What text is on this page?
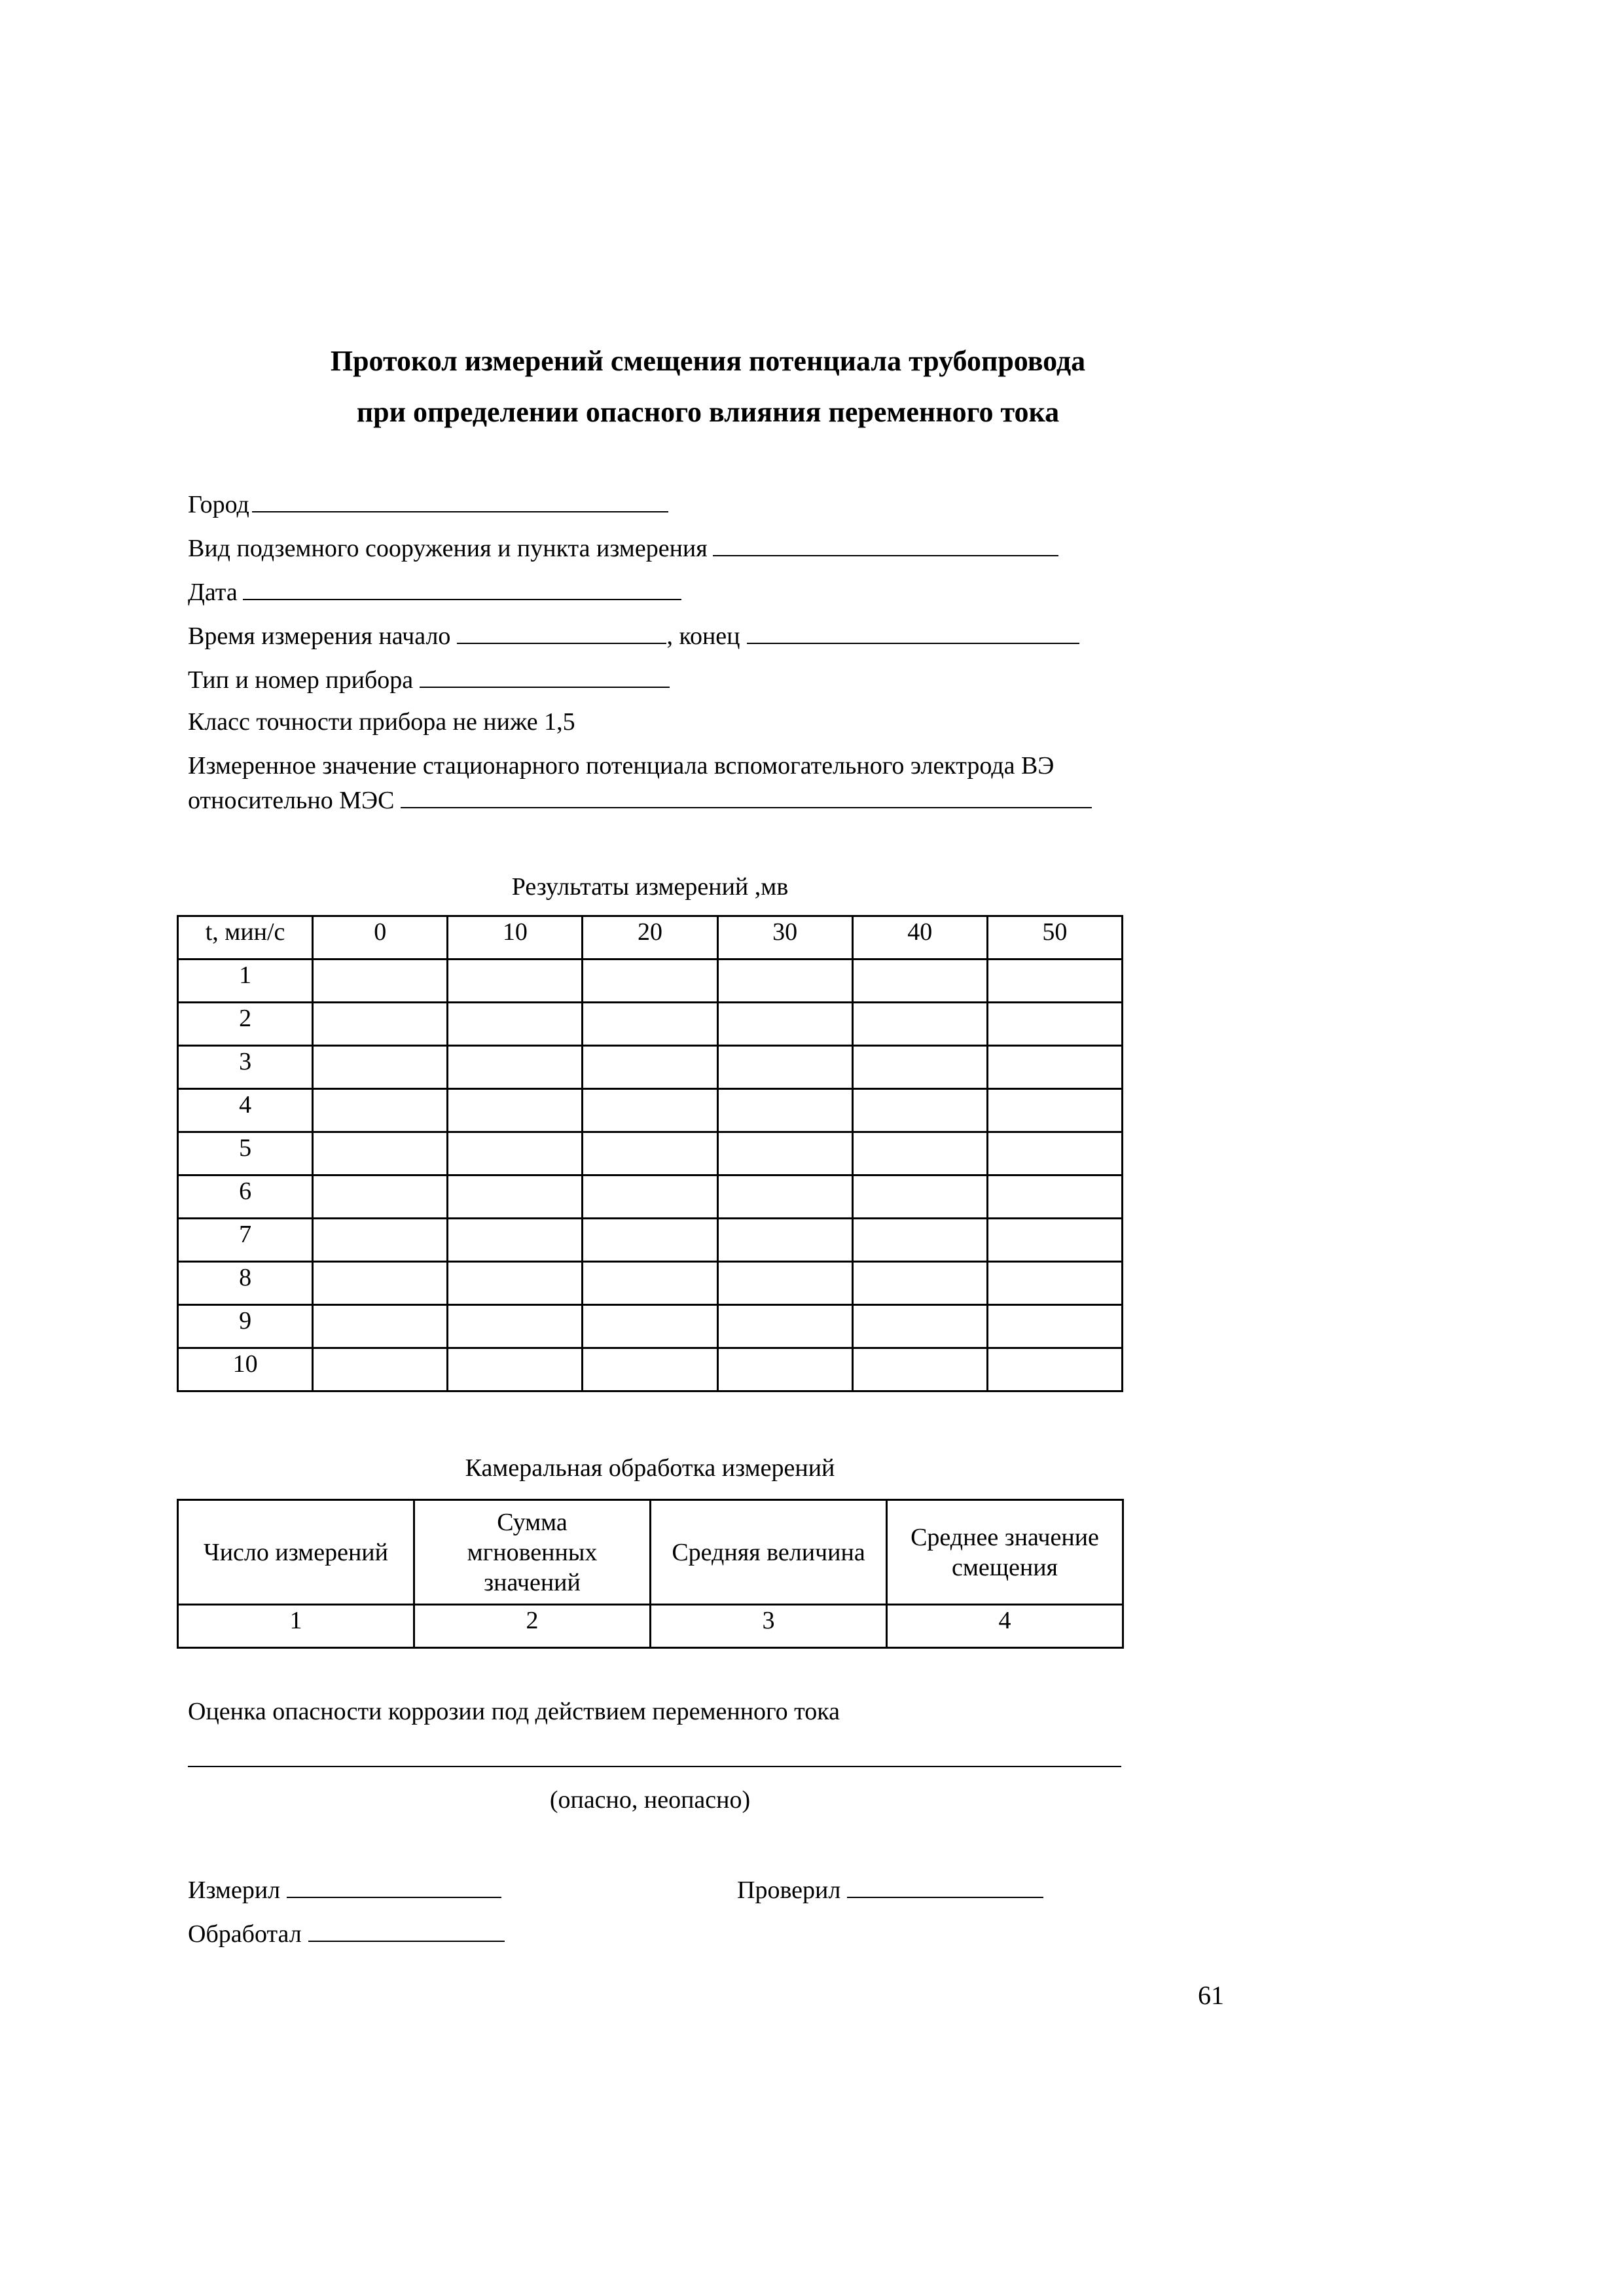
Протокол измерений смещения потенциала трубопровода
при определении опасного влияния переменного тока
Город
Вид подземного сооружения и пункта измерения
Дата
Время измерения начало	, конец
Тип и номер прибора
Класс точности прибора не ниже 1,5
Измеренное значение стационарного потенциала вспомогательного электрода ВЭ
относительно МЭС
Результаты измерений ,мв
t, мин/с	0	10	20	30	40	50
1						
2						
3						
4						
5						
6						
7						
8						
9						
10						
Камеральная обработка измерений
Число измерений	Сумма мгновенных значений	Средняя величина	Среднее значение смещения
1	2	3	4
Оценка опасности коррозии под действием переменного тока
(опасно, неопасно)
Измерил	Проверил
Обработал
61
